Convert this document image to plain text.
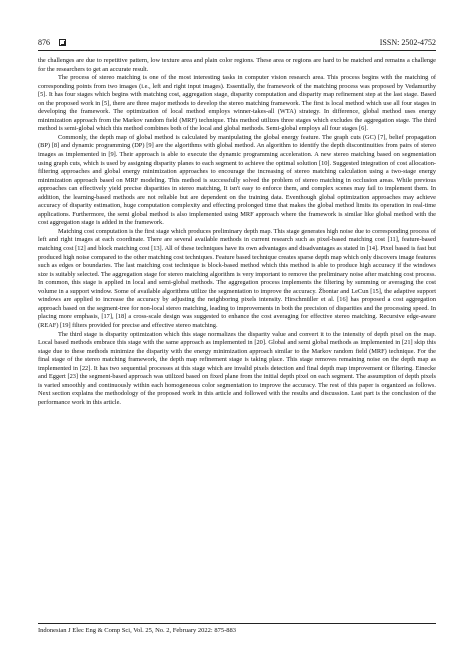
876	ISSN: 2502-4752

the challenges are due to repetitive pattern, low texture area and plain color regions. These area or regions are hard to be matched and remains a challenge for the researchers to get an accurate result.

The process of stereo matching is one of the most interesting tasks in computer vision research area. This process begins with the matching of corresponding points from two images (i.e., left and right input images). Essentially, the framework of the matching process was proposed by Vedamurthy [5]. It has four stages which begins with matching cost, aggregation stage, disparity computation and disparity map refinement step at the last stage. Based on the proposed work in [5], there are three major methods to develop the stereo matching framework. The first is local method which use all four stages in developing the framework. The optimization of local method employs winner-takes-all (WTA) strategy. In difference, global method uses energy minimization approach from the Markov random field (MRF) technique. This method utilizes three stages which excludes the aggregation stage. The third method is semi-global which this method combines both of the local and global methods. Semi-global employs all four stages [6].

Commonly, the depth map of global method is calculated by manipulating the global energy feature. The graph cuts (GC) [7], belief propagation (BP) [8] and dynamic programming (DP) [9] are the algorithms with global method. An algorithm to identify the depth discontinuities from pairs of stereo images as implemented in [9]. Their approach is able to execute the dynamic programming acceleration. A new stereo matching based on segmentation using graph cuts, which is used by assigning disparity planes to each segment to achieve the optimal solution [10]. Suggested integration of cost allocation-filtering approaches and global energy minimization approaches to encourage the increasing of stereo matching calculation using a two-stage energy minimization approach based on MRF modeling. This method is successfully solved the problem of stereo matching in occlusion areas. While previous approaches can effectively yield precise disparities in stereo matching, It isn't easy to enforce them, and complex scenes may fail to implement them. In addition, the learning-based methods are not reliable but are dependent on the training data. Eventhough global optimization approaches may achieve accuracy of disparity estimation, huge computation complexity and effecting prolonged time that makes the global method limits its operation in real-time applications. Furthermore, the semi global method is also implemented using MRF approach where the framework is similar like global method with the cost aggregation stage is added in the framework.

Matching cost computation is the first stage which produces preliminary depth map. This stage generates high noise due to corresponding process of left and right images at each coordinate. There are several available methods in current research such as pixel-based matching cost [11], feature-based matching cost [12] and block matching cost [13]. All of these techniques have its own advantages and disadvantages as stated in [14]. Pixel based is fast but produced high noise compared to the other matching cost techniques. Feature based technique creates sparse depth map which only discovers image features such as edges or boundaries. The last matching cost technique is block-based method which this method is able to produce high accuracy if the windows size is suitably selected. The aggregation stage for stereo matching algorithm is very important to remove the preliminary noise after matching cost process. In common, this stage is applied in local and semi-global methods. The aggregation process implements the filtering by summing or averaging the cost volume in a support window. Some of available algorithms utilize the segmentation to improve the accuracy. Žbontar and LeCun [15], the adaptive support windows are applied to increase the accuracy by adjusting the neighboring pixels intensity. Hirschmüller et al. [16] has proposed a cost aggregation approach based on the segment-tree for non-local stereo matching, leading to improvements in both the precision of disparities and the processing speed. In placing more emphasis, [17], [18] a cross-scale design was suggested to enhance the cost averaging for effective stereo matching. Recursive edge-aware (REAF) [19] filters provided for precise and effective stereo matching.

The third stage is disparity optimization which this stage normalizes the disparity value and convert it to the intensity of depth pixel on the map. Local based methods embrace this stage with the same approach as implemented in [20]. Global and semi global methods as implemented in [21] skip this stage due to these methods minimize the disparity with the energy minimization approach similar to the Markov random field (MRF) technique. For the final stage of the stereo matching framework, the depth map refinement stage is taking place. This stage removes remaining noise on the depth map as implemented in [22]. It has two sequential processes at this stage which are invalid pixels detection and final depth map improvement or filtering. Einecke and Eggert [23] the segment-based approach was utilized based on fixed plane from the initial depth pixel on each segment. The assumption of depth pixels is varied smoothly and continuously within each homogeneous color segmentation to improve the accuracy. The rest of this paper is organized as follows. Next section explains the methodology of the proposed work in this article and followed with the results and discussion. Last part is the conclusion of the performance work in this article.

Indonesian J Elec Eng & Comp Sci, Vol. 25, No. 2, February 2022: 875-883
